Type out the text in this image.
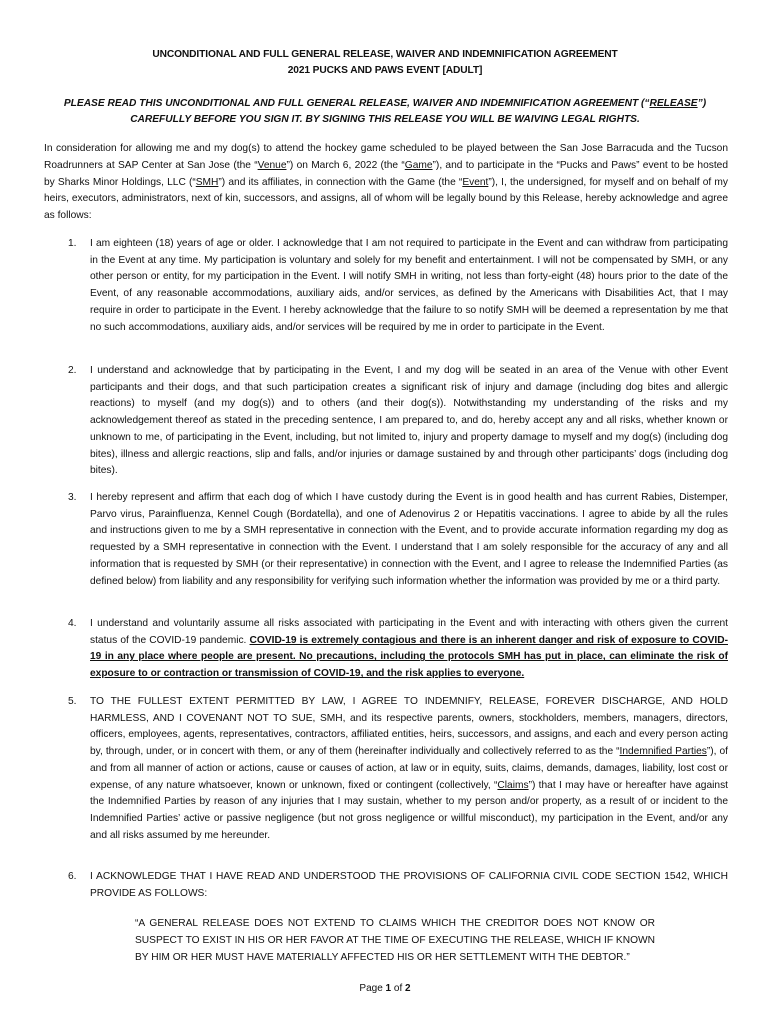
UNCONDITIONAL AND FULL GENERAL RELEASE, WAIVER AND INDEMNIFICATION AGREEMENT
2021 PUCKS AND PAWS EVENT [ADULT]
PLEASE READ THIS UNCONDITIONAL AND FULL GENERAL RELEASE, WAIVER AND INDEMNIFICATION AGREEMENT (“RELEASE”) CAREFULLY BEFORE YOU SIGN IT. BY SIGNING THIS RELEASE YOU WILL BE WAIVING LEGAL RIGHTS.
In consideration for allowing me and my dog(s) to attend the hockey game scheduled to be played between the San Jose Barracuda and the Tucson Roadrunners at SAP Center at San Jose (the “Venue”) on March 6, 2022 (the “Game”), and to participate in the “Pucks and Paws” event to be hosted by Sharks Minor Holdings, LLC (“SMH”) and its affiliates, in connection with the Game (the “Event”), I, the undersigned, for myself and on behalf of my heirs, executors, administrators, next of kin, successors, and assigns, all of whom will be legally bound by this Release, hereby acknowledge and agree as follows:
1. I am eighteen (18) years of age or older. I acknowledge that I am not required to participate in the Event and can withdraw from participating in the Event at any time. My participation is voluntary and solely for my benefit and entertainment. I will not be compensated by SMH, or any other person or entity, for my participation in the Event. I will notify SMH in writing, not less than forty-eight (48) hours prior to the date of the Event, of any reasonable accommodations, auxiliary aids, and/or services, as defined by the Americans with Disabilities Act, that I may require in order to participate in the Event. I hereby acknowledge that the failure to so notify SMH will be deemed a representation by me that no such accommodations, auxiliary aids, and/or services will be required by me in order to participate in the Event.
2. I understand and acknowledge that by participating in the Event, I and my dog will be seated in an area of the Venue with other Event participants and their dogs, and that such participation creates a significant risk of injury and damage (including dog bites and allergic reactions) to myself (and my dog(s)) and to others (and their dog(s)). Notwithstanding my understanding of the risks and my acknowledgement thereof as stated in the preceding sentence, I am prepared to, and do, hereby accept any and all risks, whether known or unknown to me, of participating in the Event, including, but not limited to, injury and property damage to myself and my dog(s) (including dog bites), illness and allergic reactions, slip and falls, and/or injuries or damage sustained by and through other participants’ dogs (including dog bites).
3. I hereby represent and affirm that each dog of which I have custody during the Event is in good health and has current Rabies, Distemper, Parvo virus, Parainfluenza, Kennel Cough (Bordatella), and one of Adenovirus 2 or Hepatitis vaccinations. I agree to abide by all the rules and instructions given to me by a SMH representative in connection with the Event, and to provide accurate information regarding my dog as requested by a SMH representative in connection with the Event. I understand that I am solely responsible for the accuracy of any and all information that is requested by SMH (or their representative) in connection with the Event, and I agree to release the Indemnified Parties (as defined below) from liability and any responsibility for verifying such information whether the information was provided by me or a third party.
4. I understand and voluntarily assume all risks associated with participating in the Event and with interacting with others given the current status of the COVID-19 pandemic. COVID-19 is extremely contagious and there is an inherent danger and risk of exposure to COVID-19 in any place where people are present. No precautions, including the protocols SMH has put in place, can eliminate the risk of exposure to or contraction or transmission of COVID-19, and the risk applies to everyone.
5. TO THE FULLEST EXTENT PERMITTED BY LAW, I AGREE TO INDEMNIFY, RELEASE, FOREVER DISCHARGE, AND HOLD HARMLESS, AND I COVENANT NOT TO SUE, SMH, and its respective parents, owners, stockholders, members, managers, directors, officers, employees, agents, representatives, contractors, affiliated entities, heirs, successors, and assigns, and each and every person acting by, through, under, or in concert with them, or any of them (hereinafter individually and collectively referred to as the “Indemnified Parties”), of and from all manner of action or actions, cause or causes of action, at law or in equity, suits, claims, demands, damages, liability, lost cost or expense, of any nature whatsoever, known or unknown, fixed or contingent (collectively, “Claims”) that I may have or hereafter have against the Indemnified Parties by reason of any injuries that I may sustain, whether to my person and/or property, as a result of or incident to the Indemnified Parties’ active or passive negligence (but not gross negligence or willful misconduct), my participation in the Event, and/or any and all risks assumed by me hereunder.
6. I ACKNOWLEDGE THAT I HAVE READ AND UNDERSTOOD THE PROVISIONS OF CALIFORNIA CIVIL CODE SECTION 1542, WHICH PROVIDE AS FOLLOWS:
“A GENERAL RELEASE DOES NOT EXTEND TO CLAIMS WHICH THE CREDITOR DOES NOT KNOW OR SUSPECT TO EXIST IN HIS OR HER FAVOR AT THE TIME OF EXECUTING THE RELEASE, WHICH IF KNOWN BY HIM OR HER MUST HAVE MATERIALLY AFFECTED HIS OR HER SETTLEMENT WITH THE DEBTOR.”
Page 1 of 2
